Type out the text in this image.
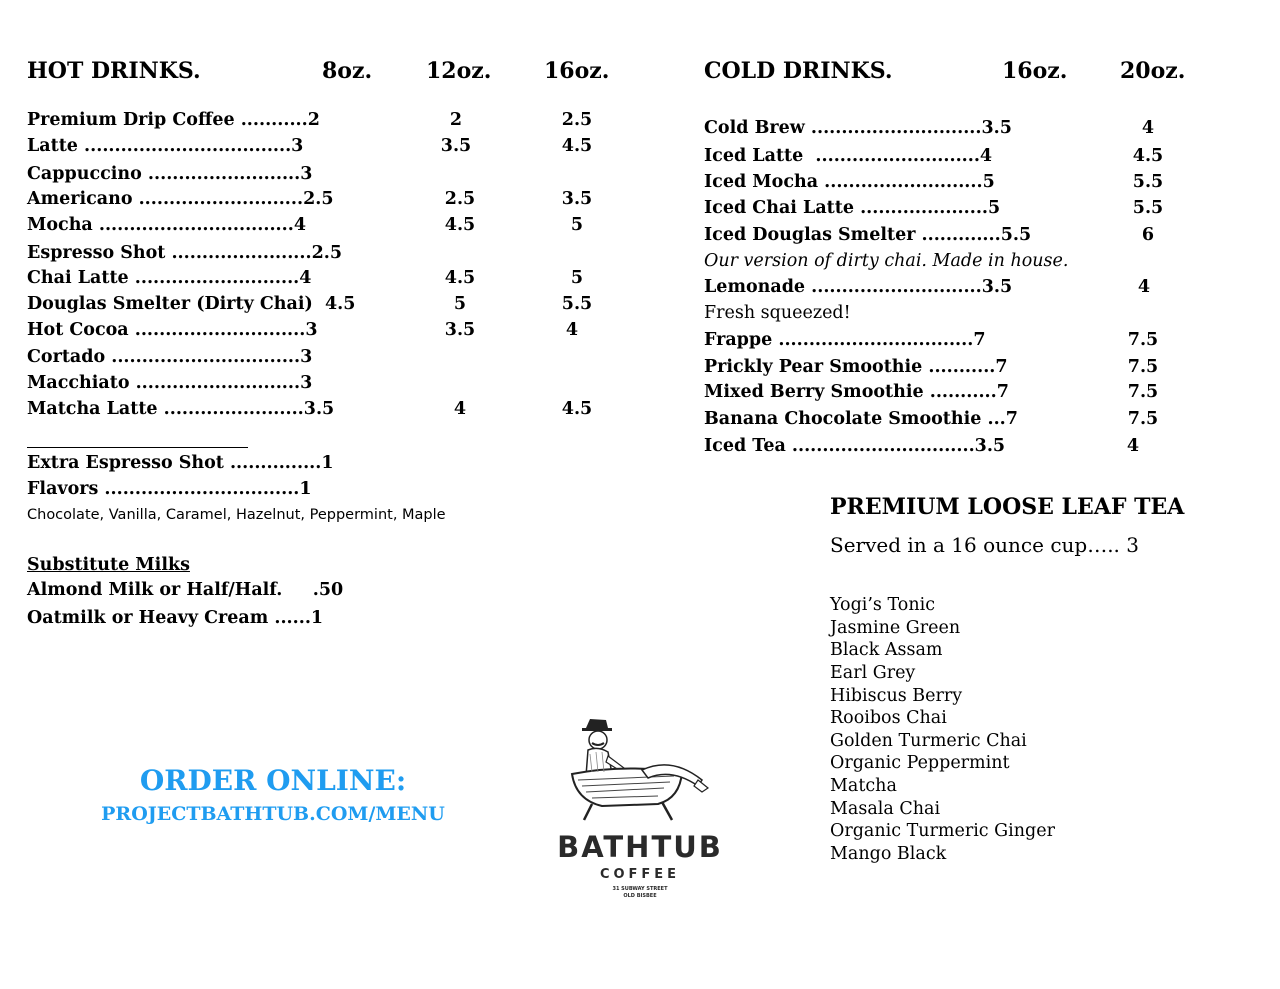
HOT DRINKS.	8oz. 12oz. 16oz.
Premium Drip Coffee ...........2	2	2.5
Latte ..................................3	3.5	4.5
Cappuccino .........................3
Americano ...........................2.5	2.5	3.5
Mocha ................................4	4.5	5
Espresso Shot .......................2.5
Chai Latte ...........................4	4.5	5
Douglas Smelter (Dirty Chai)  4.5	5	5.5
Hot Cocoa ............................3	3.5	4
Cortado ...............................3
Macchiato ...........................3
Matcha Latte .......................3.5	4	4.5
Extra Espresso Shot ...............1
Flavors ................................1
Chocolate, Vanilla, Caramel, Hazelnut, Peppermint, Maple
Substitute Milks
Almond Milk or Half/Half.     .50
Oatmilk or Heavy Cream ......1
COLD DRINKS.	16oz. 20oz.
Cold Brew ............................3.5	4
Iced Latte  ...........................4	4.5
Iced Mocha ..........................5	5.5
Iced Chai Latte .....................5	5.5
Iced Douglas Smelter .............5.5	6
Our version of dirty chai. Made in house.
Lemonade ............................3.5	4
Fresh squeezed!
Frappe ................................7	7.5
Prickly Pear Smoothie ...........7	7.5
Mixed Berry Smoothie ...........7	7.5
Banana Chocolate Smoothie ...7	7.5
Iced Tea ..............................3.5	4
PREMIUM LOOSE LEAF TEA
Served in a 16 ounce cup….. 3
Yogi’s Tonic
Jasmine Green
Black Assam
Earl Grey
Hibiscus Berry
Rooibos Chai
Golden Turmeric Chai
Organic Peppermint
Matcha
Masala Chai
Organic Turmeric Ginger
Mango Black
ORDER ONLINE:
PROJECTBATHTUB.COM/MENU
BATHTUB
COFFEE
31 SUBWAY STREET
OLD BISBEE
